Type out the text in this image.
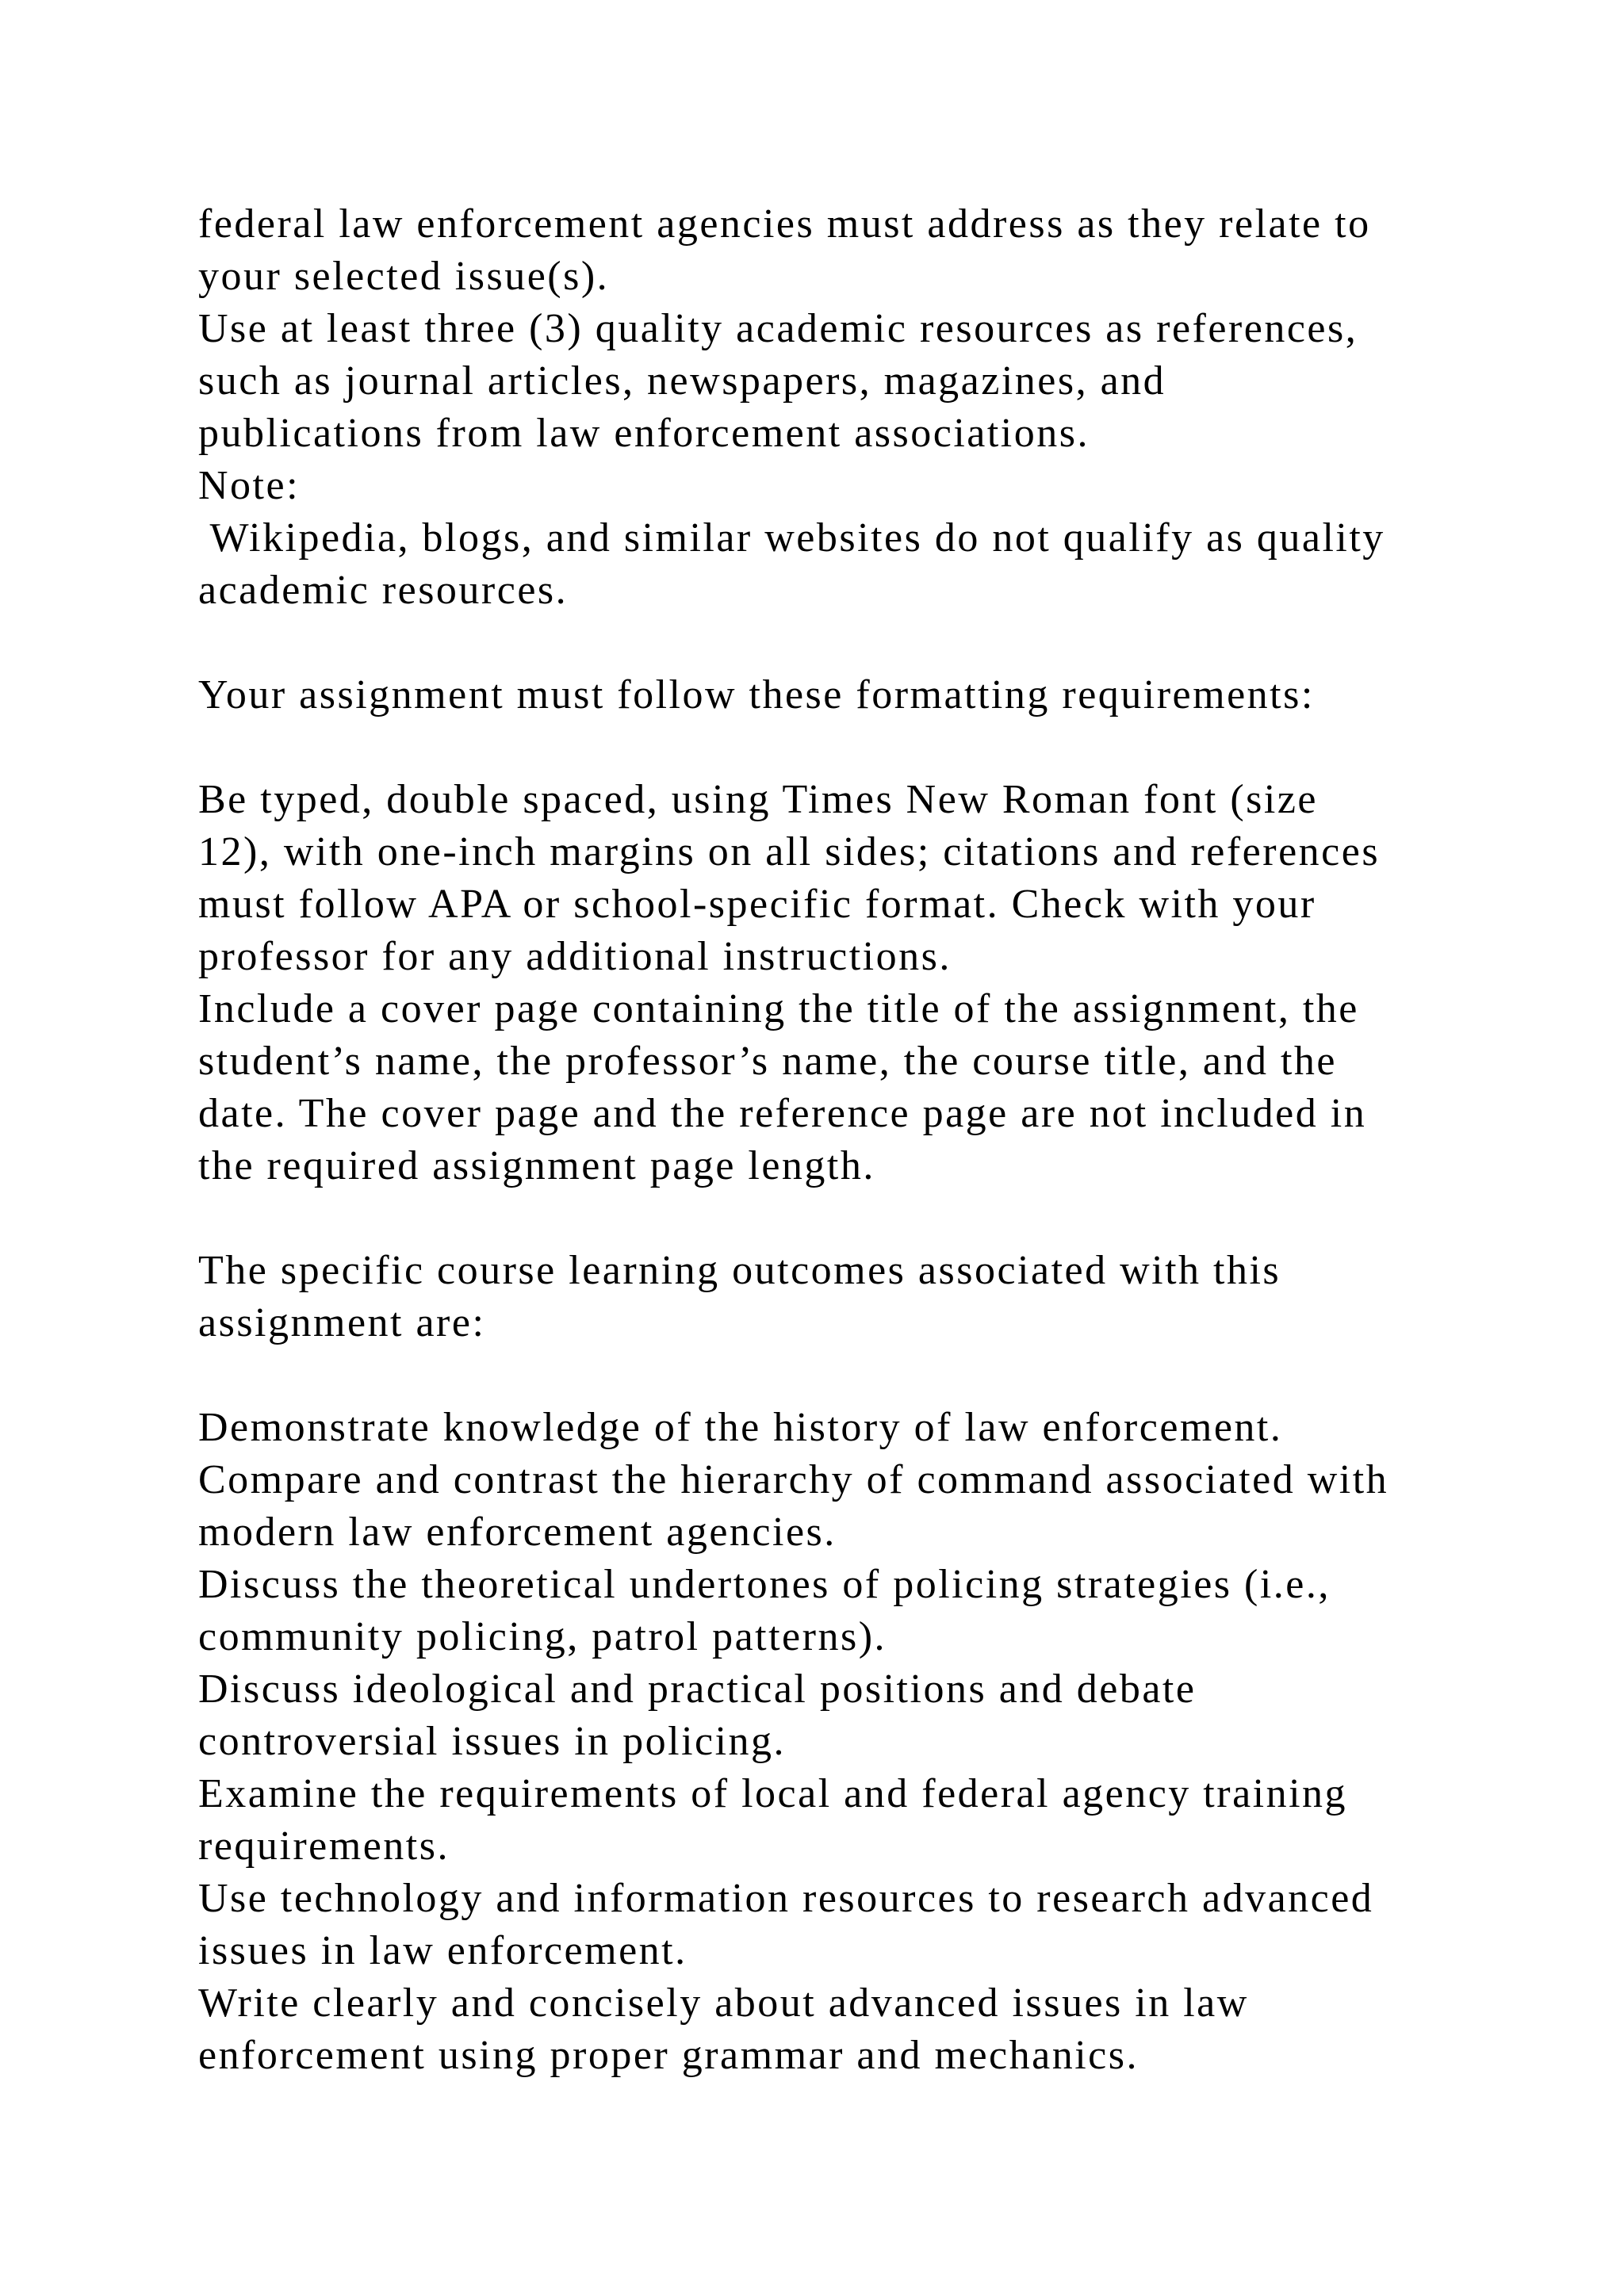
federal law enforcement agencies must address as they relate to
your selected issue(s).
Use at least three (3) quality academic resources as references,
such as journal articles, newspapers, magazines, and
publications from law enforcement associations.
Note:
Wikipedia, blogs, and similar websites do not qualify as quality
academic resources.
Your assignment must follow these formatting requirements:
Be typed, double spaced, using Times New Roman font (size
12), with one-inch margins on all sides; citations and references
must follow APA or school-specific format. Check with your
professor for any additional instructions.
Include a cover page containing the title of the assignment, the
student’s name, the professor’s name, the course title, and the
date. The cover page and the reference page are not included in
the required assignment page length.
The specific course learning outcomes associated with this
assignment are:
Demonstrate knowledge of the history of law enforcement.
Compare and contrast the hierarchy of command associated with
modern law enforcement agencies.
Discuss the theoretical undertones of policing strategies (i.e.,
community policing, patrol patterns).
Discuss ideological and practical positions and debate
controversial issues in policing.
Examine the requirements of local and federal agency training
requirements.
Use technology and information resources to research advanced
issues in law enforcement.
Write clearly and concisely about advanced issues in law
enforcement using proper grammar and mechanics.
